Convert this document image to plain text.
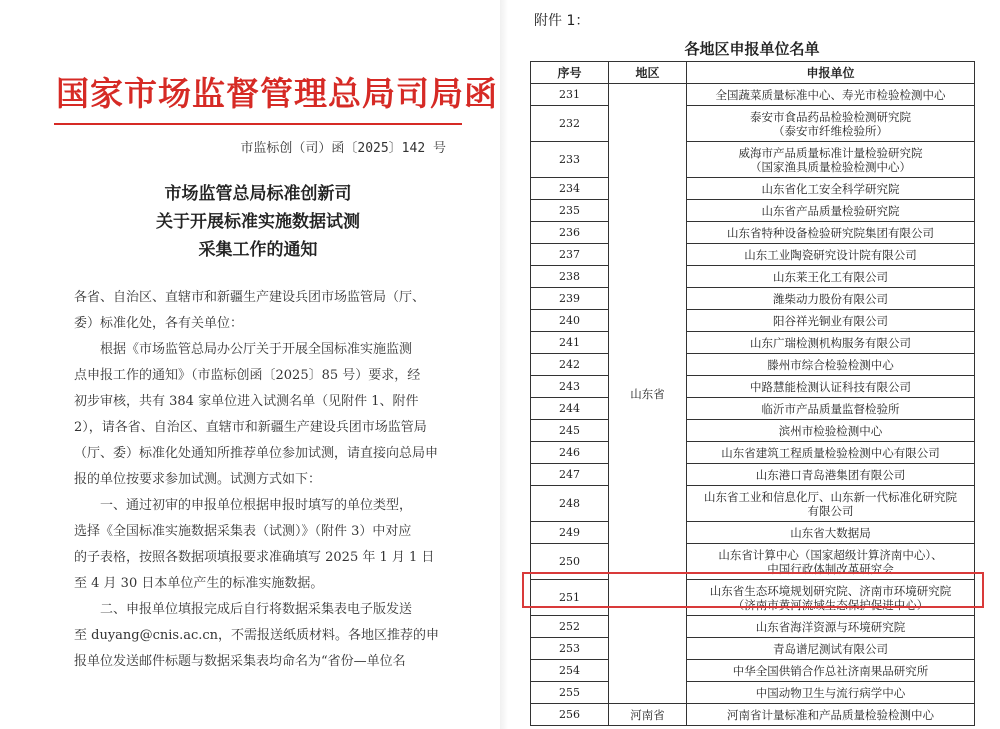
国家市场监督管理总局司局函
市监标创（司）函〔2025〕142 号
市场监管总局标准创新司
关于开展标准实施数据试测
采集工作的通知

各省、自治区、直辖市和新疆生产建设兵团市场监管局（厅、

委）标准化处，各有关单位：

根据《市场监管总局办公厅关于开展全国标准实施监测

点申报工作的通知》（市监标创函〔2025〕85 号）要求，经

初步审核，共有 384 家单位进入试测名单（见附件 1、附件

2），请各省、自治区、直辖市和新疆生产建设兵团市场监管局

（厅、委）标准化处通知所推荐单位参加试测，请直接向总局申

报的单位按要求参加试测。试测方式如下：

一、通过初审的申报单位根据申报时填写的单位类型，

选择《全国标准实施数据采集表（试测）》（附件 3）中对应

的子表格，按照各数据项填报要求准确填写 2025 年 1 月 1 日

至 4 月 30 日本单位产生的标准实施数据。

二、申报单位填报完成后自行将数据采集表电子版发送

至 duyang@cnis.ac.cn，不需报送纸质材料。各地区推荐的申

报单位发送邮件标题与数据采集表均命名为“省份—单位名

附件 1：
各地区申报单位名单
序号	地区	申报单位
231	山东省	全国蔬菜质量标准中心、寿光市检验检测中心

232		泰安市食品药品检验检测研究院
（泰安市纤维检验所）

233		威海市产品质量标准计量检验研究院
（国家渔具质量检验检测中心）

234		山东省化工安全科学研究院

235		山东省产品质量检验研究院

236		山东省特种设备检验研究院集团有限公司

237		山东工业陶瓷研究设计院有限公司

238		山东莱王化工有限公司

239		潍柴动力股份有限公司

240		阳谷祥光铜业有限公司

241		山东广瑞检测机构服务有限公司

242		滕州市综合检验检测中心

243		中路慧能检测认证科技有限公司

244		临沂市产品质量监督检验所

245		滨州市检验检测中心

246		山东省建筑工程质量检验检测中心有限公司

247		山东港口青岛港集团有限公司

248		山东省工业和信息化厅、山东新一代标准化研究院
有限公司

249		山东省大数据局

250		山东省计算中心（国家超级计算济南中心）、
中国行政体制改革研究会

251		山东省生态环境规划研究院、济南市环境研究院
（济南市黄河流域生态保护促进中心）

252		山东省海洋资源与环境研究院

253		青岛谱尼测试有限公司

254		中华全国供销合作总社济南果品研究所

255		中国动物卫生与流行病学中心

256	河南省	河南省计量标准和产品质量检验检测中心
